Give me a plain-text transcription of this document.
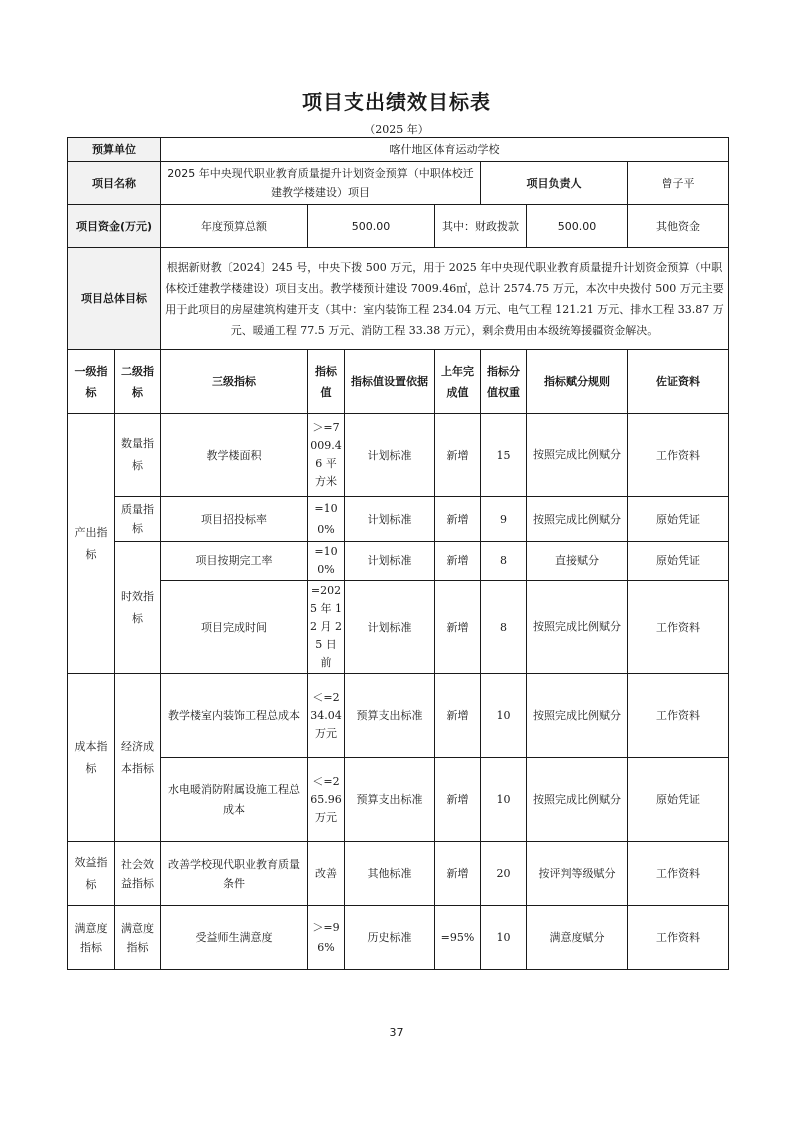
项目支出绩效目标表
（2025 年）
预算单位		喀什地区体育运动学校						
项目名称		2025 年中央现代职业教育质量提升计划资金预算（中职体校迁建教学楼建设）项目				项目负责人		曾子平
项目资金(万元)		年度预算总额	500.00		其中：财政拨款		500.00	其他资金
项目总体目标		根据新财教〔2024〕245 号，中央下拨 500 万元，用于 2025 年中央现代职业教育质量提升计划资金预算（中职体校迁建教学楼建设）项目支出。教学楼预计建设 7009.46㎡，总计 2574.75 万元，本次中央拨付 500 万元主要用于此项目的房屋建筑构建开支（其中：室内装饰工程 234.04 万元、电气工程 121.21 万元、排水工程 33.87 万元、暖通工程 77.5 万元、消防工程 33.38 万元），剩余费用由本级统筹援疆资金解决。						
一级指标	二级指标	三级指标	指标值	指标值设置依据	上年完成值	指标分值权重	指标赋分规则	佐证资料
产出指标	数量指标	教学楼面积	＞=7009.46 平方米	计划标准	新增	15	按照完成比例赋分	工作资料
	质量指标	项目招投标率	=100%	计划标准	新增	9	按照完成比例赋分	原始凭证
	时效指标	项目按期完工率	=100%	计划标准	新增	8	直接赋分	原始凭证
		项目完成时间	=2025 年 12 月 25 日前	计划标准	新增	8	按照完成比例赋分	工作资料
成本指标	经济成本指标	教学楼室内装饰工程总成本	＜=234.04 万元	预算支出标准	新增	10	按照完成比例赋分	工作资料
		水电暖消防附属设施工程总成本	＜=265.96 万元	预算支出标准	新增	10	按照完成比例赋分	原始凭证
效益指标	社会效益指标	改善学校现代职业教育质量条件	改善	其他标准	新增	20	按评判等级赋分	工作资料
满意度指标	满意度指标	受益师生满意度	＞=96%	历史标准	=95%	10	满意度赋分	工作资料
37
